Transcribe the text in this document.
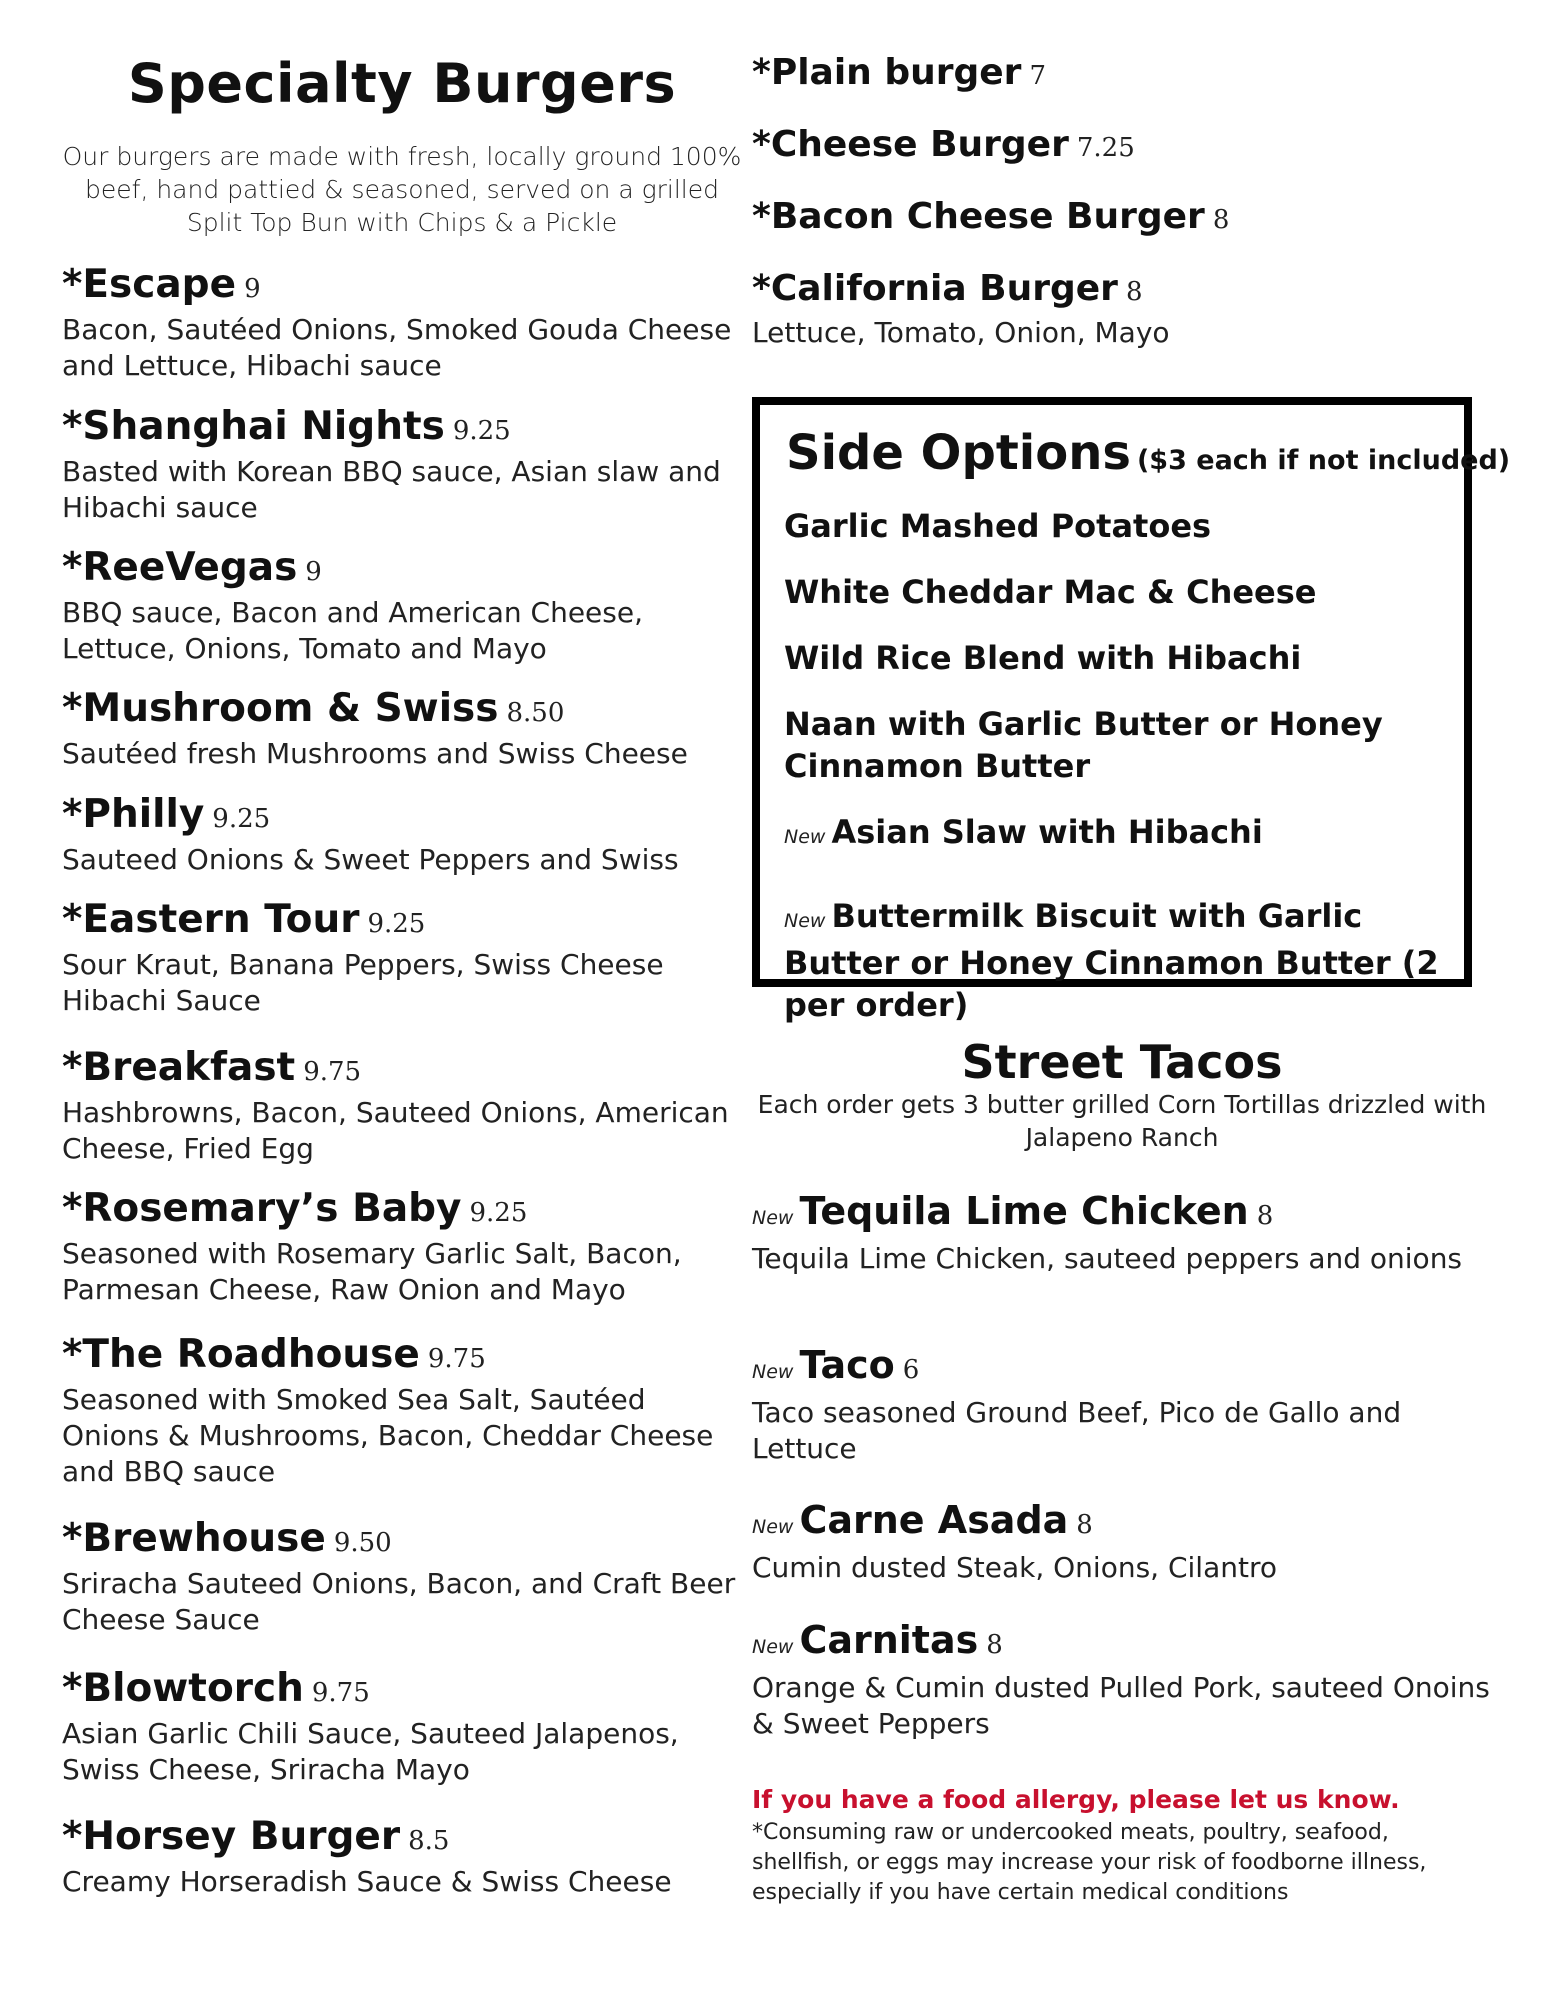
Specialty Burgers

Our burgers are made with fresh, locally ground 100% beef, hand pattied & seasoned, served on a grilled Split Top Bun with Chips & a Pickle

*Escape 9
Bacon, Sautéed Onions, Smoked Gouda Cheese and Lettuce, Hibachi sauce
*Shanghai Nights 9.25
Basted with Korean BBQ sauce, Asian slaw and Hibachi sauce
*ReeVegas 9
BBQ sauce, Bacon and American Cheese, Lettuce, Onions, Tomato and Mayo
*Mushroom & Swiss 8.50
Sautéed fresh Mushrooms and Swiss Cheese
*Philly 9.25
Sauteed Onions & Sweet Peppers and Swiss
*Eastern Tour 9.25
Sour Kraut, Banana Peppers, Swiss Cheese Hibachi Sauce
*Breakfast 9.75
Hashbrowns, Bacon, Sauteed Onions, American Cheese, Fried Egg
*Rosemary’s Baby 9.25
Seasoned with Rosemary Garlic Salt, Bacon, Parmesan Cheese, Raw Onion and Mayo
*The Roadhouse 9.75
Seasoned with Smoked Sea Salt, Sautéed Onions & Mushrooms, Bacon, Cheddar Cheese and BBQ sauce
*Brewhouse 9.50
Sriracha Sauteed Onions, Bacon, and Craft Beer Cheese Sauce
*Blowtorch 9.75
Asian Garlic Chili Sauce, Sauteed Jalapenos, Swiss Cheese, Sriracha Mayo
*Horsey Burger 8.5
Creamy Horseradish Sauce & Swiss Cheese
*Plain burger 7
*Cheese Burger 7.25
*Bacon Cheese Burger 8
*California Burger 8
Lettuce, Tomato, Onion, Mayo
Side Options ($3 each if not included)
Garlic Mashed Potatoes
White Cheddar Mac & Cheese
Wild Rice Blend with Hibachi
Naan with Garlic Butter or Honey Cinnamon Butter
New Asian Slaw with Hibachi
New Buttermilk Biscuit with Garlic Butter or Honey Cinnamon Butter (2 per order)
Street Tacos

Each order gets 3 butter grilled Corn Tortillas drizzled with Jalapeno Ranch

New Tequila Lime Chicken 8
Tequila Lime Chicken, sauteed peppers and onions
New Taco 6
Taco seasoned Ground Beef, Pico de Gallo and Lettuce
New Carne Asada 8
Cumin dusted Steak, Onions, Cilantro
New Carnitas 8
Orange & Cumin dusted Pulled Pork, sauteed Onoins & Sweet Peppers
If you have a food allergy, please let us know.
*Consuming raw or undercooked meats, poultry, seafood, shellfish, or eggs may increase your risk of foodborne illness, especially if you have certain medical conditions
